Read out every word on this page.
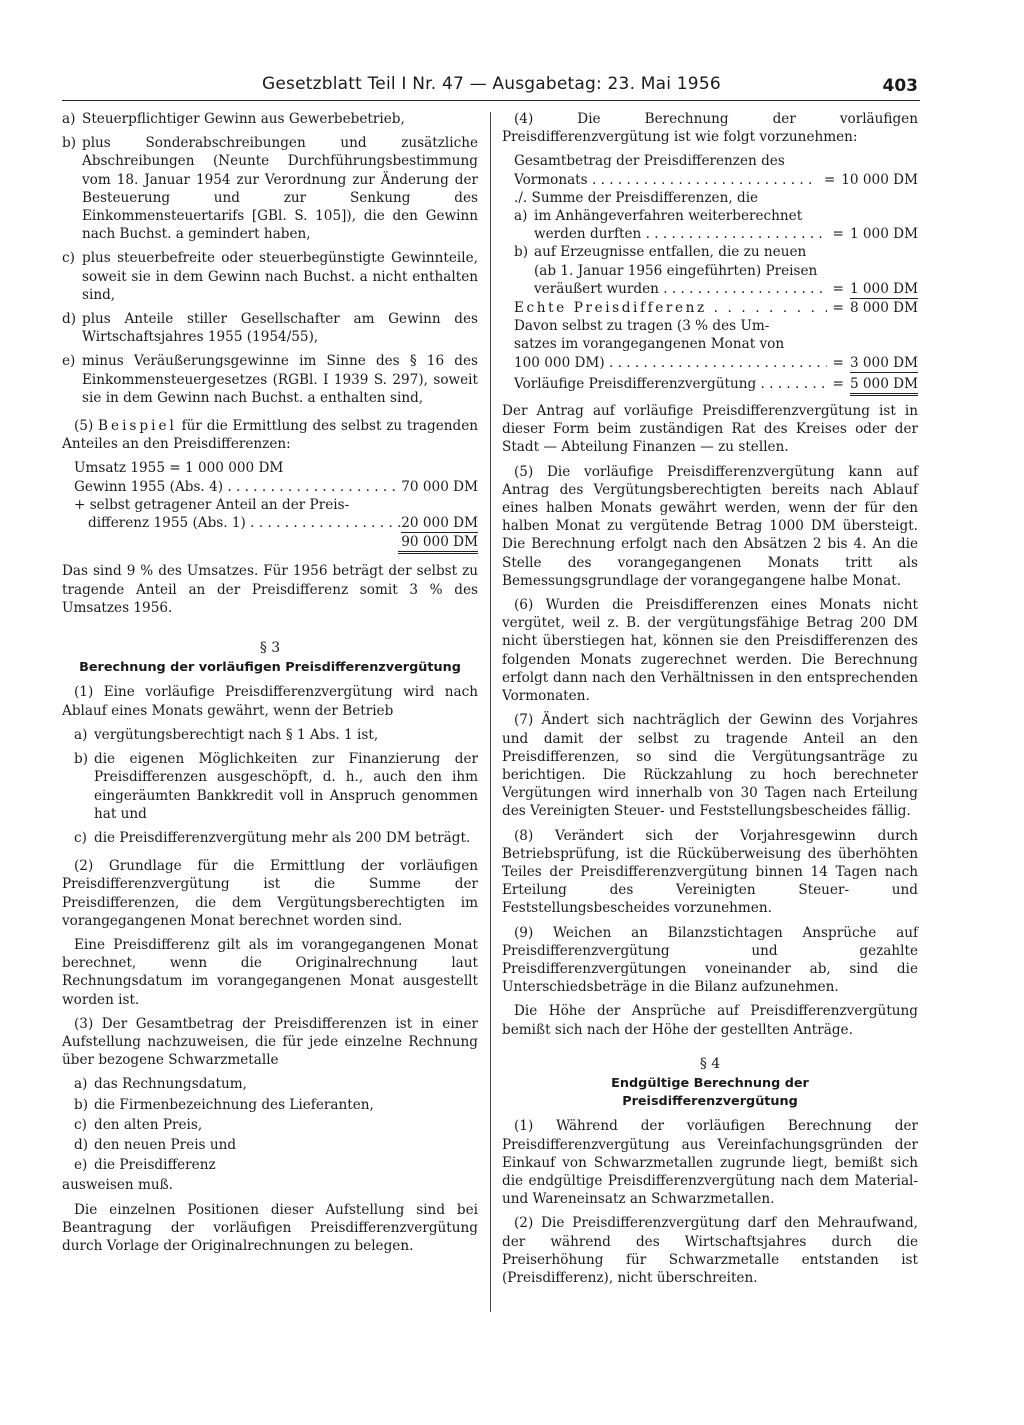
Gesetzblatt Teil I Nr. 47 — Ausgabetag: 23. Mai 1956	403
a) Steuerpflichtiger Gewinn aus Gewerbebetrieb,
b) plus Sonderabschreibungen und zusätzliche Abschreibungen (Neunte Durchführungsbestimmung vom 18. Januar 1954 zur Verordnung zur Änderung der Besteuerung und zur Senkung des Einkommensteuertarifs [GBl. S. 105]), die den Gewinn nach Buchst. a gemindert haben,
c) plus steuerbefreite oder steuerbegünstigte Gewinnteile, soweit sie in dem Gewinn nach Buchst. a nicht enthalten sind,
d) plus Anteile stiller Gesellschafter am Gewinn des Wirtschaftsjahres 1955 (1954/55),
e) minus Veräußerungsgewinne im Sinne des § 16 des Einkommensteuergesetzes (RGBl. I 1939 S. 297), soweit sie in dem Gewinn nach Buchst. a enthalten sind,

(5) Beispiel für die Ermittlung des selbst zu tragenden Anteiles an den Preisdifferenzen:

Umsatz 1955 = 1 000 000 DM
Gewinn 1955 (Abs. 4) . . .	70 000 DM
+ selbst getragener Anteil an der Preis-
differenz 1955 (Abs. 1) . . .	20 000 DM
90 000 DM

Das sind 9 % des Umsatzes. Für 1956 beträgt der selbst zu tragende Anteil an der Preisdifferenz somit 3 % des Umsatzes 1956.

§ 3
Berechnung der vorläufigen Preisdifferenzvergütung

(1) Eine vorläufige Preisdifferenzvergütung wird nach Ablauf eines Monats gewährt, wenn der Betrieb

a) vergütungsberechtigt nach § 1 Abs. 1 ist,
b) die eigenen Möglichkeiten zur Finanzierung der Preisdifferenzen ausgeschöpft, d. h., auch den ihm eingeräumten Bankkredit voll in Anspruch genommen hat und
c) die Preisdifferenzvergütung mehr als 200 DM beträgt.

(2) Grundlage für die Ermittlung der vorläufigen Preisdifferenzvergütung ist die Summe der Preisdifferenzen, die dem Vergütungsberechtigten im vorangegangenen Monat berechnet worden sind.

Eine Preisdifferenz gilt als im vorangegangenen Monat berechnet, wenn die Originalrechnung laut Rechnungsdatum im vorangegangenen Monat ausgestellt worden ist.

(3) Der Gesamtbetrag der Preisdifferenzen ist in einer Aufstellung nachzuweisen, die für jede einzelne Rechnung über bezogene Schwarzmetalle

a) das Rechnungsdatum,
b) die Firmenbezeichnung des Lieferanten,
c) den alten Preis,
d) den neuen Preis und
e) die Preisdifferenz

ausweisen muß.

Die einzelnen Positionen dieser Aufstellung sind bei Beantragung der vorläufigen Preisdifferenzvergütung durch Vorlage der Originalrechnungen zu belegen.

(4) Die Berechnung der vorläufigen Preisdifferenzvergütung ist wie folgt vorzunehmen:

Gesamtbetrag der Preisdifferenzen des
Vormonats . . .	= 10 000 DM
./. Summe der Preisdifferenzen, die
a) im Anhängeverfahren weiterberechnet
werden durften . . .	= 1 000 DM
b) auf Erzeugnisse entfallen, die zu neuen
(ab 1. Januar 1956 eingeführten) Preisen
veräußert wurden . . .	= 1 000 DM
Echte Preisdifferenz . . .	= 8 000 DM
Davon selbst zu tragen (3 % des Um-
satzes im vorangegangenen Monat von
100 000 DM) . . .	= 3 000 DM
Vorläufige Preisdifferenzvergütung . . .	= 5 000 DM

Der Antrag auf vorläufige Preisdifferenzvergütung ist in dieser Form beim zuständigen Rat des Kreises oder der Stadt — Abteilung Finanzen — zu stellen.

(5) Die vorläufige Preisdifferenzvergütung kann auf Antrag des Vergütungsberechtigten bereits nach Ablauf eines halben Monats gewährt werden, wenn der für den halben Monat zu vergütende Betrag 1000 DM übersteigt. Die Berechnung erfolgt nach den Absätzen 2 bis 4. An die Stelle des vorangegangenen Monats tritt als Bemessungsgrundlage der vorangegangene halbe Monat.

(6) Wurden die Preisdifferenzen eines Monats nicht vergütet, weil z. B. der vergütungsfähige Betrag 200 DM nicht überstiegen hat, können sie den Preisdifferenzen des folgenden Monats zugerechnet werden. Die Berechnung erfolgt dann nach den Verhältnissen in den entsprechenden Vormonaten.

(7) Ändert sich nachträglich der Gewinn des Vorjahres und damit der selbst zu tragende Anteil an den Preisdifferenzen, so sind die Vergütungsanträge zu berichtigen. Die Rückzahlung zu hoch berechneter Vergütungen wird innerhalb von 30 Tagen nach Erteilung des Vereinigten Steuer- und Feststellungsbescheides fällig.

(8) Verändert sich der Vorjahresgewinn durch Betriebsprüfung, ist die Rücküberweisung des überhöhten Teiles der Preisdifferenzvergütung binnen 14 Tagen nach Erteilung des Vereinigten Steuer- und Feststellungsbescheides vorzunehmen.

(9) Weichen an Bilanzstichtagen Ansprüche auf Preisdifferenzvergütung und gezahlte Preisdifferenzvergütungen voneinander ab, sind die Unterschiedsbeträge in die Bilanz aufzunehmen.

Die Höhe der Ansprüche auf Preisdifferenzvergütung bemißt sich nach der Höhe der gestellten Anträge.

§ 4
Endgültige Berechnung der Preisdifferenzvergütung

(1) Während der vorläufigen Berechnung der Preisdifferenzvergütung aus Vereinfachungsgründen der Einkauf von Schwarzmetallen zugrunde liegt, bemißt sich die endgültige Preisdifferenzvergütung nach dem Material- und Wareneinsatz an Schwarzmetallen.

(2) Die Preisdifferenzvergütung darf den Mehraufwand, der während des Wirtschaftsjahres durch die Preiserhöhung für Schwarzmetalle entstanden ist (Preisdifferenz), nicht überschreiten.
